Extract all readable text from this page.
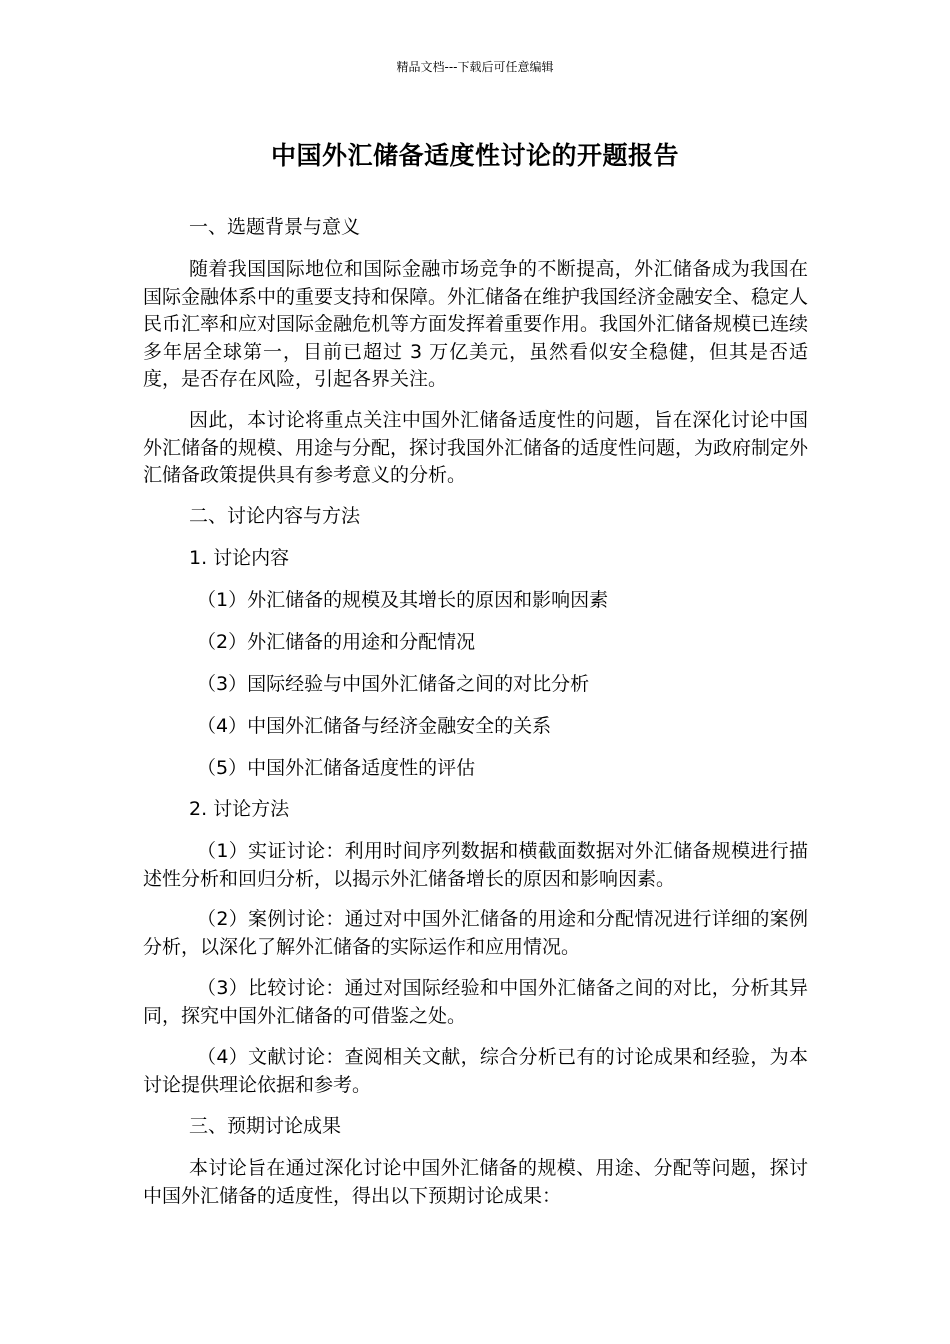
精品文档---下载后可任意编辑
中国外汇储备适度性讨论的开题报告

一、选题背景与意义

随着我国国际地位和国际金融市场竞争的不断提高，外汇储备成为我国在国际金融体系中的重要支持和保障。外汇储备在维护我国经济金融安全、稳定人民币汇率和应对国际金融危机等方面发挥着重要作用。我国外汇储备规模已连续多年居全球第一，目前已超过 3 万亿美元，虽然看似安全稳健，但其是否适度，是否存在风险，引起各界关注。

因此，本讨论将重点关注中国外汇储备适度性的问题，旨在深化讨论中国外汇储备的规模、用途与分配，探讨我国外汇储备的适度性问题，为政府制定外汇储备政策提供具有参考意义的分析。

二、讨论内容与方法

1. 讨论内容

（1）外汇储备的规模及其增长的原因和影响因素

（2）外汇储备的用途和分配情况

（3）国际经验与中国外汇储备之间的对比分析

（4）中国外汇储备与经济金融安全的关系

（5）中国外汇储备适度性的评估

2. 讨论方法

（1）实证讨论：利用时间序列数据和横截面数据对外汇储备规模进行描述性分析和回归分析，以揭示外汇储备增长的原因和影响因素。

（2）案例讨论：通过对中国外汇储备的用途和分配情况进行详细的案例分析，以深化了解外汇储备的实际运作和应用情况。

（3）比较讨论：通过对国际经验和中国外汇储备之间的对比，分析其异同，探究中国外汇储备的可借鉴之处。

（4）文献讨论：查阅相关文献，综合分析已有的讨论成果和经验，为本讨论提供理论依据和参考。

三、预期讨论成果

本讨论旨在通过深化讨论中国外汇储备的规模、用途、分配等问题，探讨中国外汇储备的适度性，得出以下预期讨论成果：
